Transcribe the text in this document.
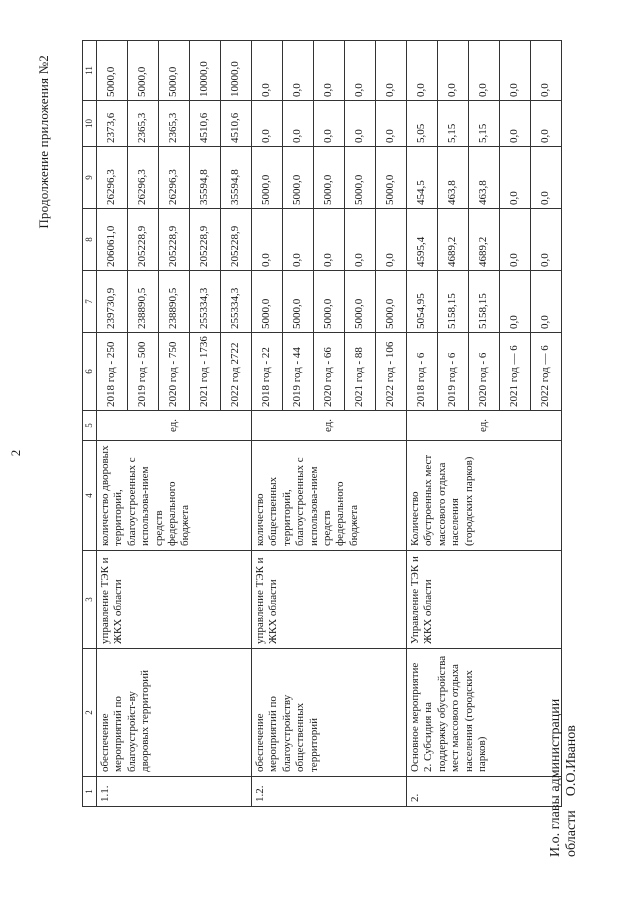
2
Продолжение приложения №2
1	2	3	4	5	6	7	8	9	10	11
1.1.	обеспечение мероприятий по благоустройст-ву дворовых территорий	управление ТЭК и ЖКХ области	количество дворовых территорий, благоустроенных с использова-нием средств федерального бюджета	ед.	2018 год - 250	239730,9	206061,0	26296,3	2373,6	5000,0
					2019 год - 500	238890,5	205228,9	26296,3	2365,3	5000,0
					2020 год - 750	238890,5	205228,9	26296,3	2365,3	5000,0
					2021 год - 1736	255334,3	205228,9	35594,8	4510,6	10000,0
					2022 год 2722	255334,3	205228,9	35594,8	4510,6	10000,0
1.2.	обеспечение мероприятий по благоустройству общественных территорий	управление ТЭК и ЖКХ области	количество общественных территорий, благоустроенных с использова-нием средств федерального бюджета	ед.	2018 год - 22	5000,0	0,0	5000,0	0,0	0,0
					2019 год - 44	5000,0	0,0	5000,0	0,0	0,0
					2020 год - 66	5000,0	0,0	5000,0	0,0	0,0
					2021 год - 88	5000,0	0,0	5000,0	0,0	0,0
					2022 год - 106	5000,0	0,0	5000,0	0,0	0,0
2.	Основное мероприятие 2. Субсидия на поддержку обустройства мест массового отдыха населения (городских парков)	Управление ТЭК и ЖКХ области	Количество обустроенных мест массового отдыха населения (городских парков)	ед.	2018 год - 6	5054,95	4595,4	454,5	5,05	0,0
					2019 год - 6	5158,15	4689,2	463,8	5,15	0,0
					2020 год - 6	5158,15	4689,2	463,8	5,15	0,0
					2021 год — 6	0,0	0,0	0,0	0,0	0,0
					2022 год — 6	0,0	0,0	0,0	0,0	0,0
И.о. главы администрации областиО.О.Иванов
